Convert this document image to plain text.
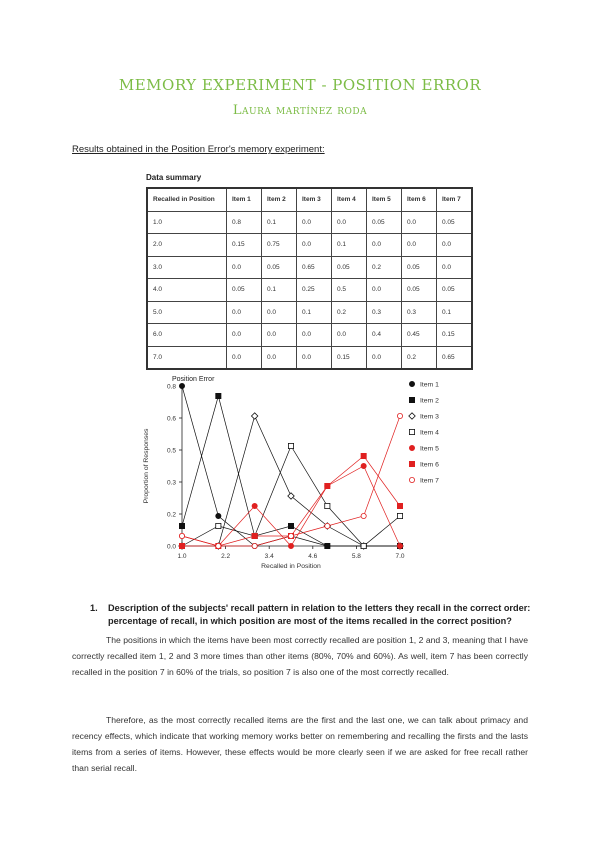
MEMORY EXPERIMENT - POSITION ERROR
Laura martínez roda
Results obtained in the Position Error's memory experiment:
Data summary
Recalled in Position	Item 1	Item 2	Item 3	Item 4	Item 5	Item 6	Item 7
1.0	0.8	0.1	0.0	0.0	0.05	0.0	0.05
2.0	0.15	0.75	0.0	0.1	0.0	0.0	0.0
3.0	0.0	0.05	0.65	0.05	0.2	0.05	0.0
4.0	0.05	0.1	0.25	0.5	0.0	0.05	0.05
5.0	0.0	0.0	0.1	0.2	0.3	0.3	0.1
6.0	0.0	0.0	0.0	0.0	0.4	0.45	0.15
7.0	0.0	0.0	0.0	0.15	0.0	0.2	0.65
Position Error
0.0
0.2
0.3
0.5
0.6
0.8
1.0	2.2	3.4	4.6	5.8	7.0
Recalled in Position
Proportion of Responses
Item 1
Item 2
Item 3
Item 4
Item 5
Item 6
Item 7
1. Description of the subjects' recall pattern in relation to the letters they recall in the correct order: percentage of recall, in which position are most of the items recalled in the correct position?
The positions in which the items have been most correctly recalled are position 1, 2 and 3, meaning that I have correctly recalled item 1, 2 and 3 more times than other items (80%, 70% and 60%). As well, item 7 has been correctly recalled in the position 7 in 60% of the trials, so position 7 is also one of the most correctly recalled.
Therefore, as the most correctly recalled items are the first and the last one, we can talk about primacy and recency effects, which indicate that working memory works better on remembering and recalling the firsts and the lasts items from a series of items. However, these effects would be more clearly seen if we are asked for free recall rather than serial recall.
